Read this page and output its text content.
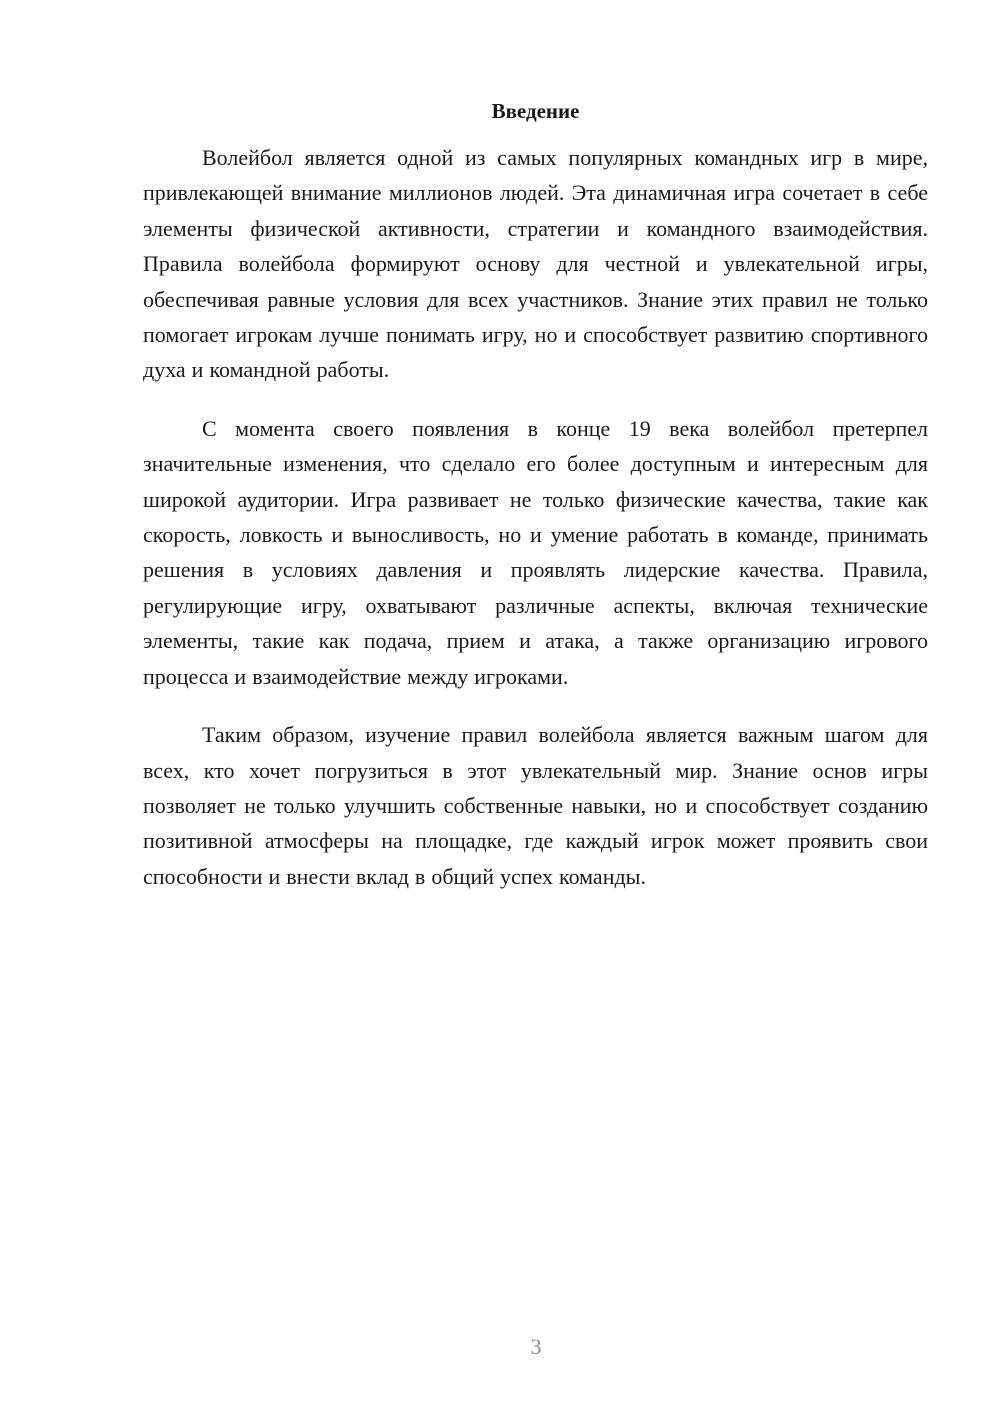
Введение

Волейбол является одной из самых популярных командных игр в мире, привлекающей внимание миллионов людей. Эта динамичная игра сочетает в себе элементы физической активности, стратегии и командного взаимодействия. Правила волейбола формируют основу для честной и увлекательной игры, обеспечивая равные условия для всех участников. Знание этих правил не только помогает игрокам лучше понимать игру, но и способствует развитию спортивного духа и командной работы.

С момента своего появления в конце 19 века волейбол претерпел значительные изменения, что сделало его более доступным и интересным для широкой аудитории. Игра развивает не только физические качества, такие как скорость, ловкость и выносливость, но и умение работать в команде, принимать решения в условиях давления и проявлять лидерские качества. Правила, регулирующие игру, охватывают различные аспекты, включая технические элементы, такие как подача, прием и атака, а также организацию игрового процесса и взаимодействие между игроками.

Таким образом, изучение правил волейбола является важным шагом для всех, кто хочет погрузиться в этот увлекательный мир. Знание основ игры позволяет не только улучшить собственные навыки, но и способствует созданию позитивной атмосферы на площадке, где каждый игрок может проявить свои способности и внести вклад в общий успех команды.

3
